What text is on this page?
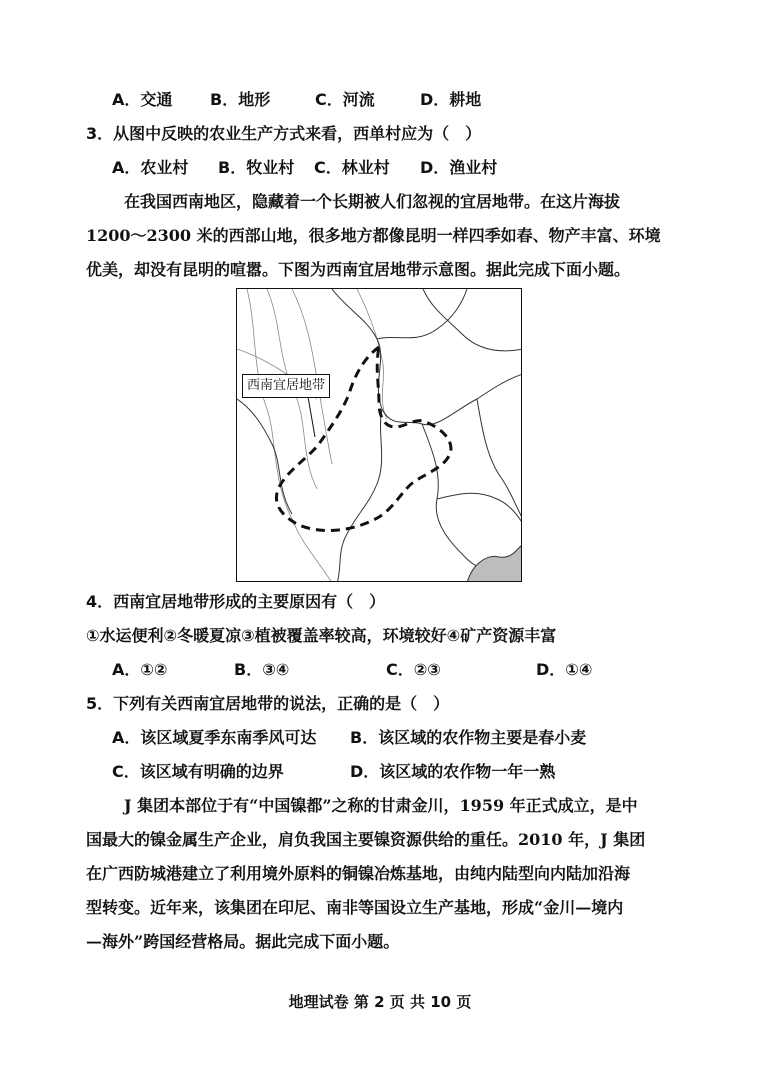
A．交通 B．地形	C．河流	D．耕地
3．从图中反映的农业生产方式来看，西单村应为（　）
A．农业村 B．牧业村 C．林业村 D．渔业村
在我国西南地区，隐藏着一个长期被人们忽视的宜居地带。在这片海拔
1200～2300 米的西部山地，很多地方都像昆明一样四季如春、物产丰富、环境
优美，却没有昆明的喧嚣。下图为西南宜居地带示意图。据此完成下面小题。
西南宜居地带
4．西南宜居地带形成的主要原因有（　）
①水运便利②冬暖夏凉③植被覆盖率较高，环境较好④矿产资源丰富
A．①②	B．③④	C．②③	D．①④
5．下列有关西南宜居地带的说法，正确的是（　）
A．该区域夏季东南季风可达 B．该区域的农作物主要是春小麦
C．该区域有明确的边界	D．该区域的农作物一年一熟
J 集团本部位于有“中国镍都”之称的甘肃金川，1959 年正式成立，是中
国最大的镍金属生产企业，肩负我国主要镍资源供给的重任。2010 年，J 集团
在广西防城港建立了利用境外原料的铜镍冶炼基地，由纯内陆型向内陆加沿海
型转变。近年来，该集团在印尼、南非等国设立生产基地，形成“金川—境内
—海外”跨国经营格局。据此完成下面小题。
地理试卷 第 2 页 共 10 页
